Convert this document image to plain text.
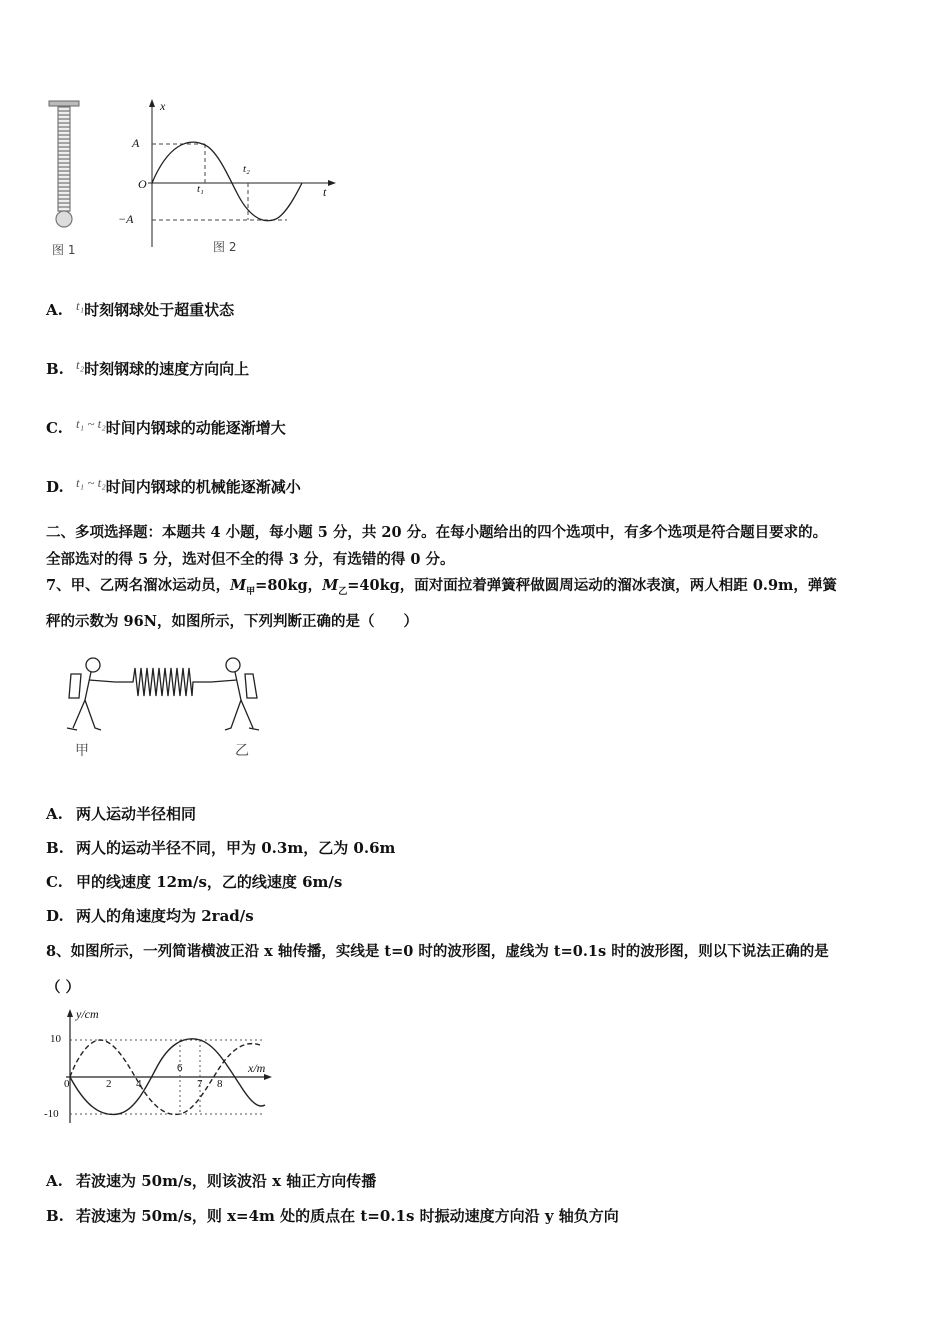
x
t
A
−A
O	t₁
t₂
图 1	图 2
A. t₁时刻钢球处于超重状态
B. t₂时刻钢球的速度方向向上
C. t₁ ~ t₂时间内钢球的动能逐渐增大
D. t₁ ~ t₂时间内钢球的机械能逐渐减小
二、多项选择题：本题共 4 小题，每小题 5 分，共 20 分。在每小题给出的四个选项中，有多个选项是符合题目要求的。
全部选对的得 5 分，选对但不全的得 3 分，有选错的得 0 分。
7、甲、乙两名溜冰运动员，$M_甲=80kg$，$M_乙=40kg$，面对面拉着弹簧秤做圆周运动的溜冰表演，两人相距 0.9m，弹簧
秤的示数为 96N，如图所示，下列判断正确的是（　　）
甲	乙
A. 两人运动半径相同
B. 两人的运动半径不同，甲为 0.3m，乙为 0.6m
C. 甲的线速度 12m/s，乙的线速度 6m/s
D. 两人的角速度均为 2rad/s
8、如图所示，一列简谐横波正沿 x 轴传播，实线是 t=0 时的波形图，虚线为 t=0.1s 时的波形图，则以下说法正确的是
（ ）
y/cm
x/m
10
-10
0	2 4
6
7 8
A. 若波速为 50m/s，则该波沿 x 轴正方向传播
B. 若波速为 50m/s，则 x=4m 处的质点在 t=0.1s 时振动速度方向沿 y 轴负方向
